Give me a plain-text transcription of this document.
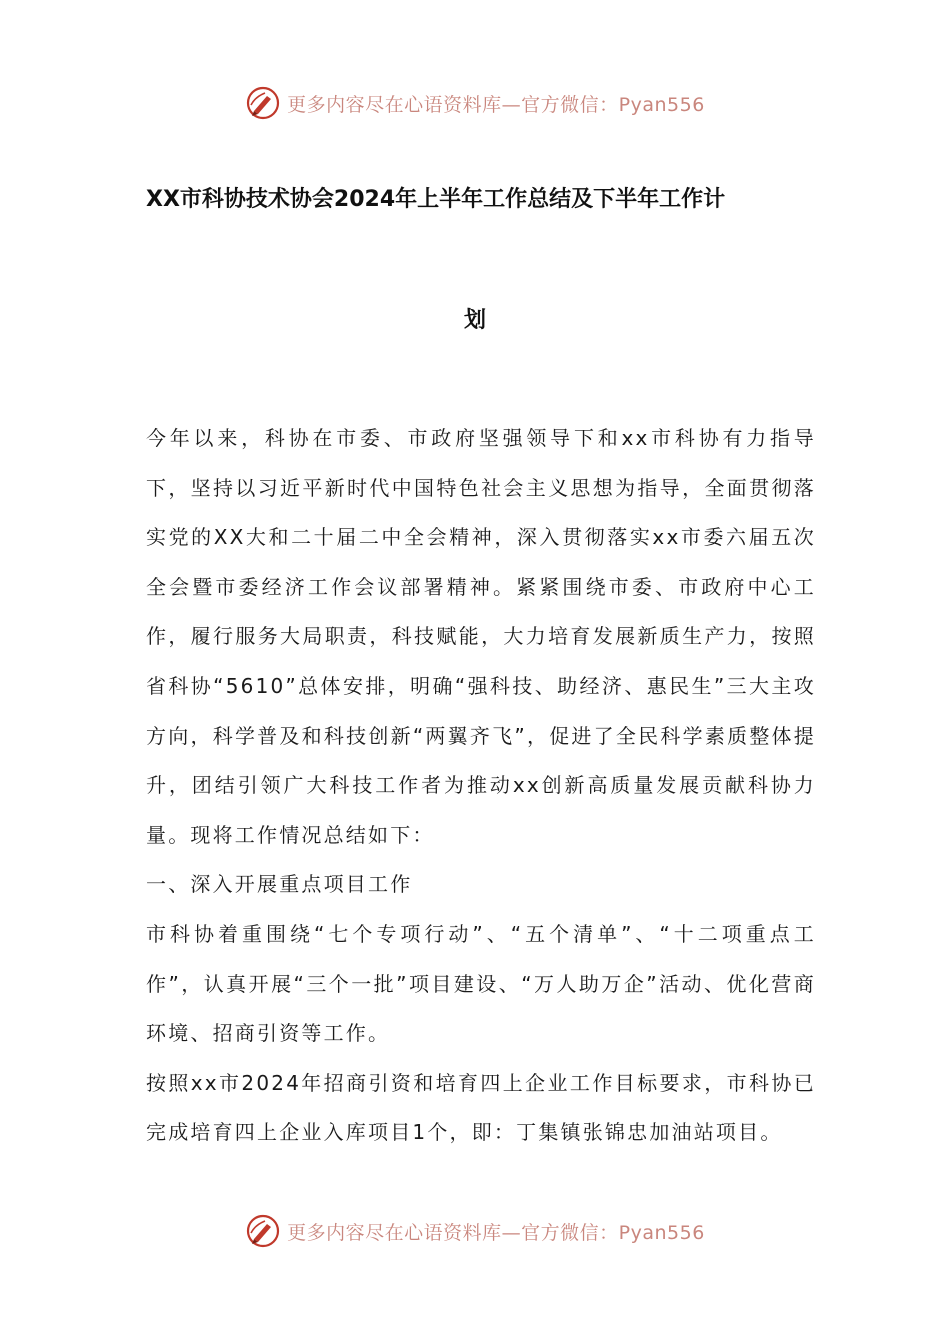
更多内容尽在心语资料库—官方微信：Pyan556
XX市科协技术协会2024年上半年工作总结及下半年工作计
划

今年以来，科协在市委、市政府坚强领导下和xx市科协有力指导下，坚持以习近平新时代中国特色社会主义思想为指导，全面贯彻落实党的XX大和二十届二中全会精神，深入贯彻落实xx市委六届五次全会暨市委经济工作会议部署精神。紧紧围绕市委、市政府中心工作，履行服务大局职责，科技赋能，大力培育发展新质生产力，按照省科协“5610”总体安排，明确“强科技、助经济、惠民生”三大主攻方向，科学普及和科技创新“两翼齐飞”，促进了全民科学素质整体提升，团结引领广大科技工作者为推动xx创新高质量发展贡献科协力量。现将工作情况总结如下：

一、深入开展重点项目工作

市科协着重围绕“七个专项行动”、“五个清单”、“十二项重点工作”，认真开展“三个一批”项目建设、“万人助万企”活动、优化营商环境、招商引资等工作。

按照xx市2024年招商引资和培育四上企业工作目标要求，市科协已完成培育四上企业入库项目1个，即：丁集镇张锦忠加油站项目。

更多内容尽在心语资料库—官方微信：Pyan556
